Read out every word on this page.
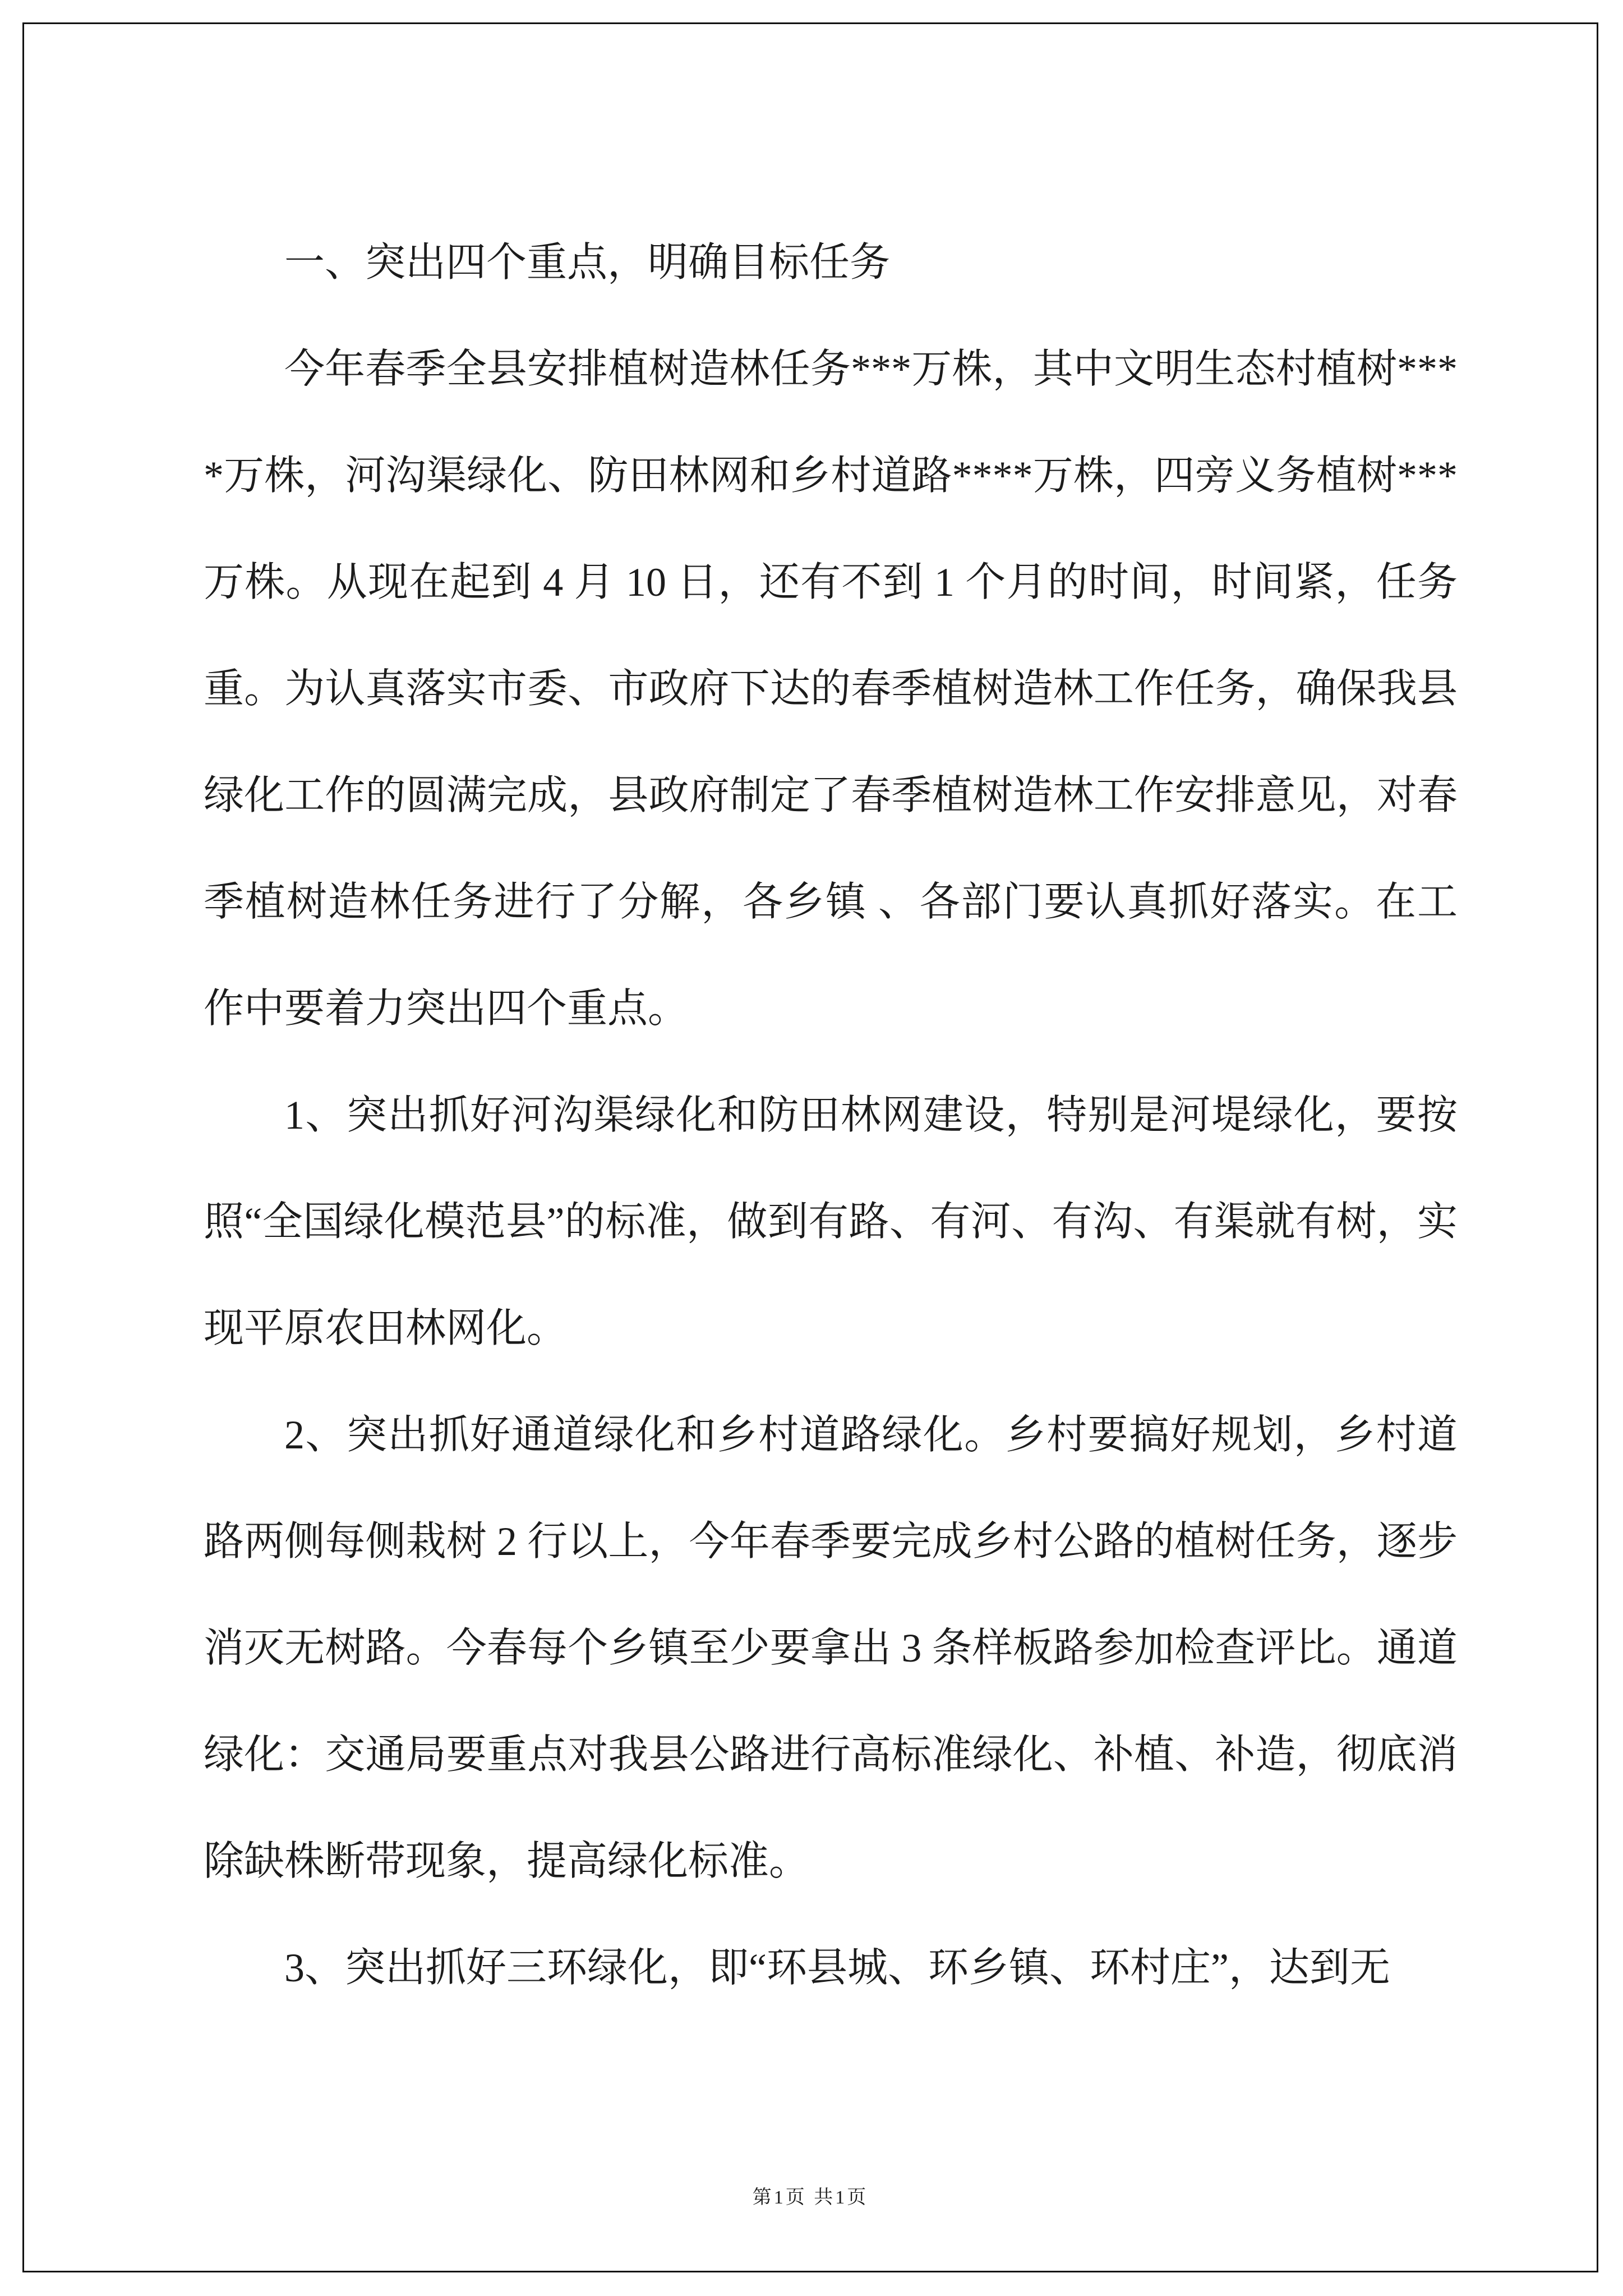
一、突出四个重点，明确目标任务

今年春季全县安排植树造林任务***万株，其中文明生态村植树****万株，河沟渠绿化、防田林网和乡村道路****万株，四旁义务植树***万株。从现在起到 4 月 10 日，还有不到 1 个月的时间，时间紧，任务重。为认真落实市委、市政府下达的春季植树造林工作任务，确保我县绿化工作的圆满完成，县政府制定了春季植树造林工作安排意见，对春季植树造林任务进行了分解，各乡镇 、各部门要认真抓好落实。在工作中要着力突出四个重点。

1、突出抓好河沟渠绿化和防田林网建设，特别是河堤绿化，要按照“全国绿化模范县”的标准，做到有路、有河、有沟、有渠就有树，实现平原农田林网化。

2、突出抓好通道绿化和乡村道路绿化。乡村要搞好规划，乡村道路两侧每侧栽树 2 行以上，今年春季要完成乡村公路的植树任务，逐步消灭无树路。今春每个乡镇至少要拿出 3 条样板路参加检查评比。通道绿化：交通局要重点对我县公路进行高标准绿化、补植、补造，彻底消除缺株断带现象，提高绿化标准。

3、突出抓好三环绿化，即“环县城、环乡镇、环村庄”，达到无

第1页 共1页
